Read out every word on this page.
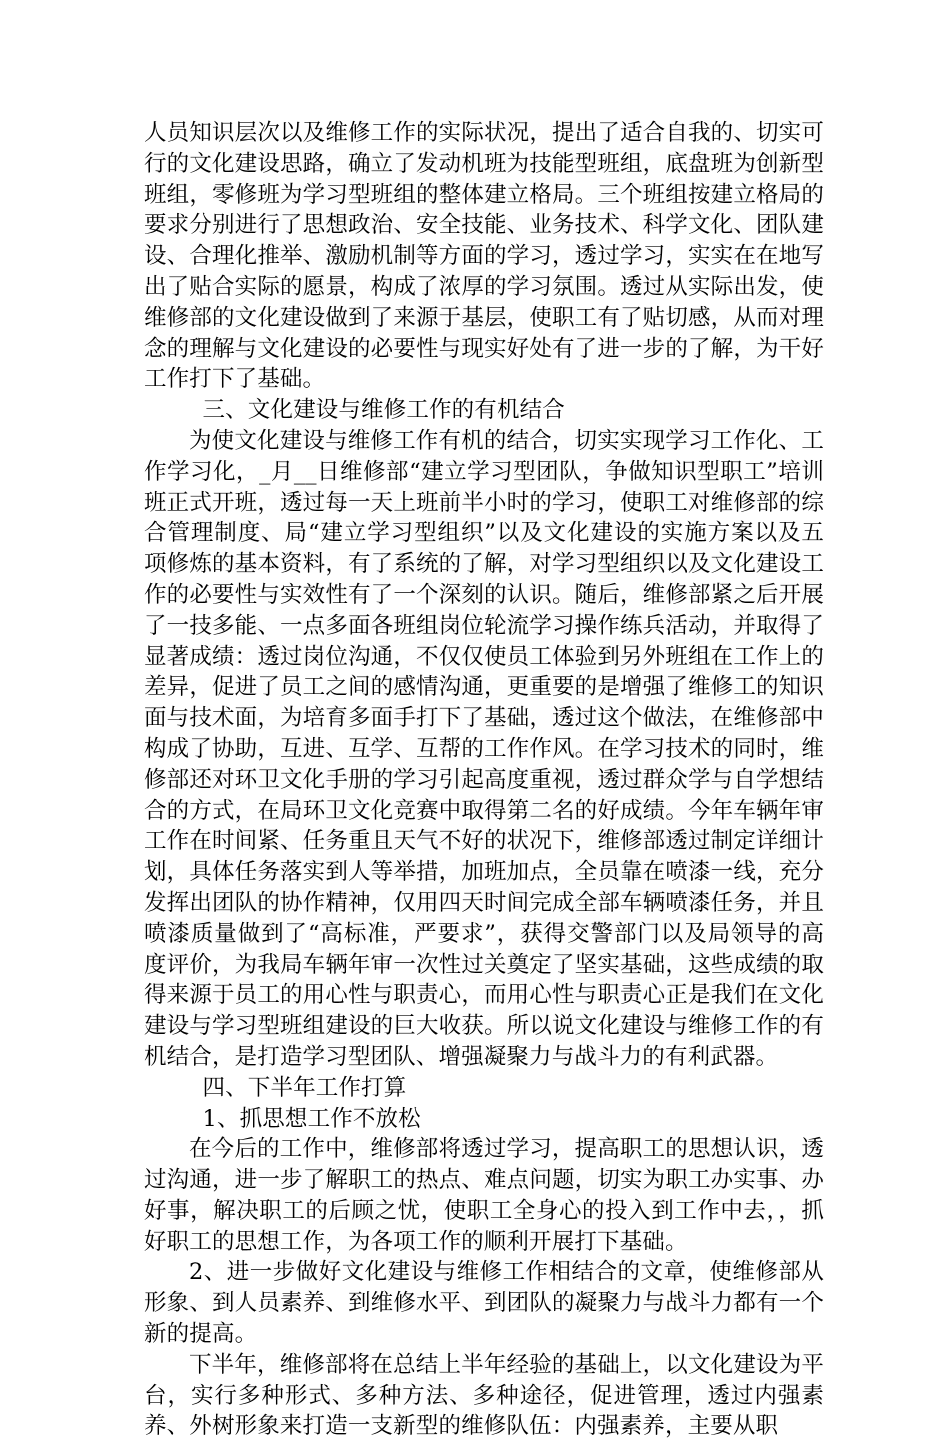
人员知识层次以及维修工作的实际状况，提出了适合自我的、切实可行的文化建设思路，确立了发动机班为技能型班组，底盘班为创新型班组，零修班为学习型班组的整体建立格局。三个班组按建立格局的要求分别进行了思想政治、安全技能、业务技术、科学文化、团队建设、合理化推举、激励机制等方面的学习，透过学习，实实在在地写出了贴合实际的愿景，构成了浓厚的学习氛围。透过从实际出发，使维修部的文化建设做到了来源于基层，使职工有了贴切感，从而对理念的理解与文化建设的必要性与现实好处有了进一步的了解，为干好工作打下了基础。

三、文化建设与维修工作的有机结合

为使文化建设与维修工作有机的结合，切实实现学习工作化、工作学习化，_月__日维修部“建立学习型团队，争做知识型职工”培训班正式开班，透过每一天上班前半小时的学习，使职工对维修部的综合管理制度、局“建立学习型组织”以及文化建设的实施方案以及五项修炼的基本资料，有了系统的了解，对学习型组织以及文化建设工作的必要性与实效性有了一个深刻的认识。随后，维修部紧之后开展了一技多能、一点多面各班组岗位轮流学习操作练兵活动，并取得了显著成绩：透过岗位沟通，不仅仅使员工体验到另外班组在工作上的差异，促进了员工之间的感情沟通，更重要的是增强了维修工的知识面与技术面，为培育多面手打下了基础，透过这个做法，在维修部中构成了协助，互进、互学、互帮的工作作风。在学习技术的同时，维修部还对环卫文化手册的学习引起高度重视，透过群众学与自学想结合的方式，在局环卫文化竞赛中取得第二名的好成绩。今年车辆年审工作在时间紧、任务重且天气不好的状况下，维修部透过制定详细计划，具体任务落实到人等举措，加班加点，全员靠在喷漆一线，充分发挥出团队的协作精神，仅用四天时间完成全部车辆喷漆任务，并且喷漆质量做到了“高标准，严要求”，获得交警部门以及局领导的高度评价，为我局车辆年审一次性过关奠定了坚实基础，这些成绩的取得来源于员工的用心性与职责心，而用心性与职责心正是我们在文化建设与学习型班组建设的巨大收获。所以说文化建设与维修工作的有机结合，是打造学习型团队、增强凝聚力与战斗力的有利武器。

四、下半年工作打算

1、抓思想工作不放松

在今后的工作中，维修部将透过学习，提高职工的思想认识，透过沟通，进一步了解职工的热点、难点问题，切实为职工办实事、办好事，解决职工的后顾之忧，使职工全身心的投入到工作中去，，抓好职工的思想工作，为各项工作的顺利开展打下基础。

2、进一步做好文化建设与维修工作相结合的文章，使维修部从形象、到人员素养、到维修水平、到团队的凝聚力与战斗力都有一个新的提高。

下半年，维修部将在总结上半年经验的基础上，以文化建设为平台，实行多种形式、多种方法、多种途径，促进管理，透过内强素养、外树形象来打造一支新型的维修队伍：内强素养，主要从职
